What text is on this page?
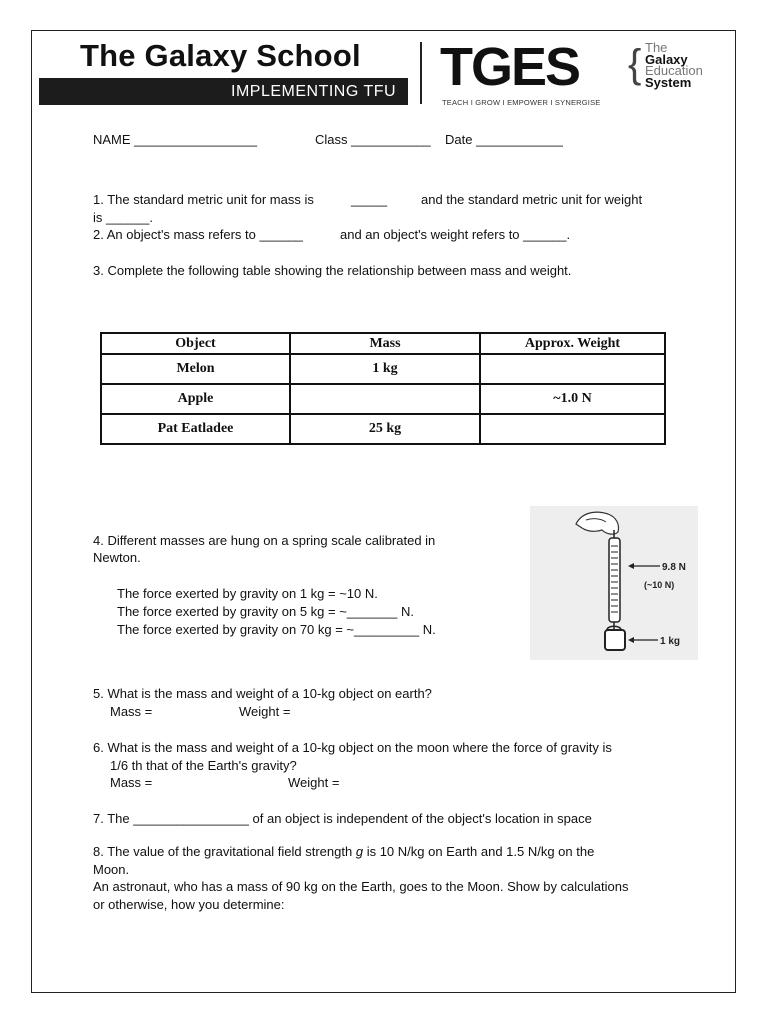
The Galaxy School
IMPLEMENTING TFU TGES
TEACH I GROW I EMPOWER I SYNERGISE
{ The
Galaxy
Education
System
NAME _________________	Class ___________ Date ____________
1. The standard metric unit for mass is	_____	and the standard metric unit for weight
is ______.
2. An object's mass refers to ______	and an object's weight refers to ______.
3. Complete the following table showing the relationship between mass and weight.
Object	Mass	Approx. Weight
Melon	1 kg	
Apple		~1.0 N
Pat Eatladee	25 kg	
4. Different masses are hung on a spring scale calibrated in
Newton.
The force exerted by gravity on 1 kg = ~10 N.
The force exerted by gravity on 5 kg = ~_______ N.
The force exerted by gravity on 70 kg = ~_________ N.
9.8 N
(~10 N)
1 kg
5. What is the mass and weight of a 10-kg object on earth?
Mass =	Weight =
6. What is the mass and weight of a 10-kg object on the moon where the force of gravity is
1/6 th that of the Earth's gravity?
Mass =	Weight =
7. The ________________ of an object is independent of the object's location in space
8. The value of the gravitational field strength g is 10 N/kg on Earth and 1.5 N/kg on the
Moon.
An astronaut, who has a mass of 90 kg on the Earth, goes to the Moon. Show by calculations
or otherwise, how you determine:
